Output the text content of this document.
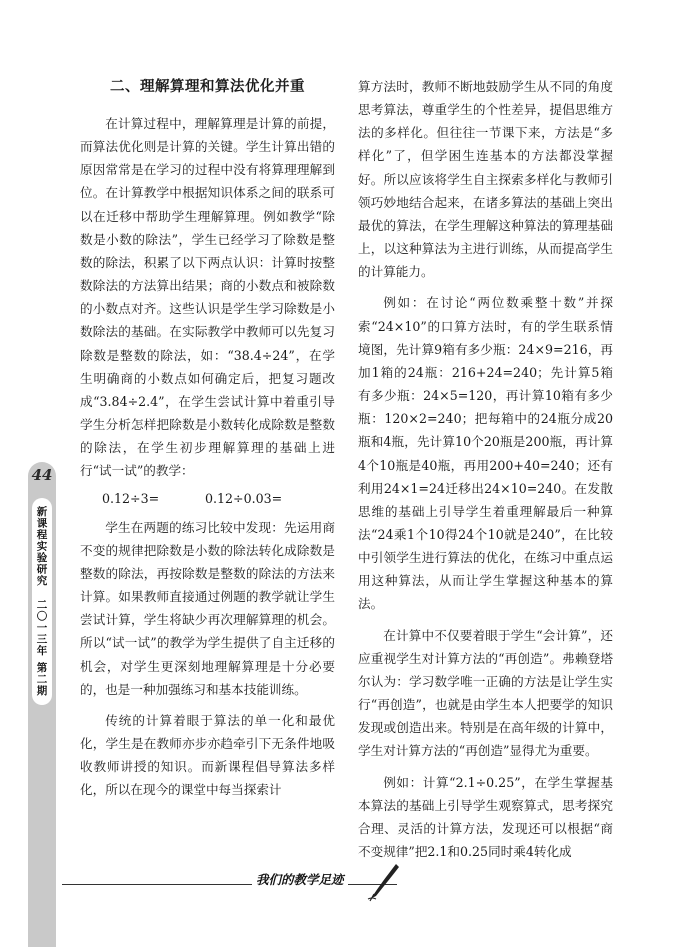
二、理解算理和算法优化并重

在计算过程中，理解算理是计算的前提，而算法优化则是计算的关键。学生计算出错的原因常常是在学习的过程中没有将算理理解到位。在计算教学中根据知识体系之间的联系可以在迁移中帮助学生理解算理。例如教学“除数是小数的除法”，学生已经学习了除数是整数的除法，积累了以下两点认识：计算时按整数除法的方法算出结果；商的小数点和被除数的小数点对齐。这些认识是学生学习除数是小数除法的基础。在实际教学中教师可以先复习除数是整数的除法，如：“38.4÷24”，在学生明确商的小数点如何确定后，把复习题改成“3.84÷2.4”，在学生尝试计算中着重引导学生分析怎样把除数是小数转化成除数是整数的除法，在学生初步理解算理的基础上进行“试一试”的教学：

0.12÷3=	0.12÷0.03=

学生在两题的练习比较中发现：先运用商不变的规律把除数是小数的除法转化成除数是整数的除法，再按除数是整数的除法的方法来计算。如果教师直接通过例题的教学就让学生尝试计算，学生将缺少再次理解算理的机会。所以“试一试”的教学为学生提供了自主迁移的机会，对学生更深刻地理解算理是十分必要的，也是一种加强练习和基本技能训练。

传统的计算着眼于算法的单一化和最优化，学生是在教师亦步亦趋牵引下无条件地吸收教师讲授的知识。而新课程倡导算法多样化，所以在现今的课堂中每当探索计

算方法时，教师不断地鼓励学生从不同的角度思考算法，尊重学生的个性差异，提倡思维方法的多样化。但往往一节课下来，方法是“多样化”了，但学困生连基本的方法都没掌握好。所以应该将学生自主探索多样化与教师引领巧妙地结合起来，在诸多算法的基础上突出最优的算法，在学生理解这种算法的算理基础上，以这种算法为主进行训练，从而提高学生的计算能力。

例如：在讨论“两位数乘整十数”并探索“24×10”的口算方法时，有的学生联系情境图，先计算9箱有多少瓶：24×9=216，再加1箱的24瓶：216+24=240；先计算5箱有多少瓶：24×5=120，再计算10箱有多少瓶：120×2=240；把每箱中的24瓶分成20瓶和4瓶，先计算10个20瓶是200瓶，再计算4个10瓶是40瓶，再用200+40=240；还有利用24×1=24迁移出24×10=240。在发散思维的基础上引导学生着重理解最后一种算法“24乘1个10得24个10就是240”，在比较中引领学生进行算法的优化，在练习中重点运用这种算法，从而让学生掌握这种基本的算法。

在计算中不仅要着眼于学生“会计算”，还应重视学生对计算方法的“再创造”。弗赖登塔尔认为：学习数学唯一正确的方法是让学生实行“再创造”，也就是由学生本人把要学的知识发现或创造出来。特别是在高年级的计算中，学生对计算方法的“再创造”显得尤为重要。

例如：计算“2.1÷0.25”，在学生掌握基本算法的基础上引导学生观察算式，思考探究合理、灵活的计算方法，发现还可以根据“商不变规律”把2.1和0.25同时乘4转化成

44
新课程实验研究
二〇一三年
第二期
我们的教学足迹
